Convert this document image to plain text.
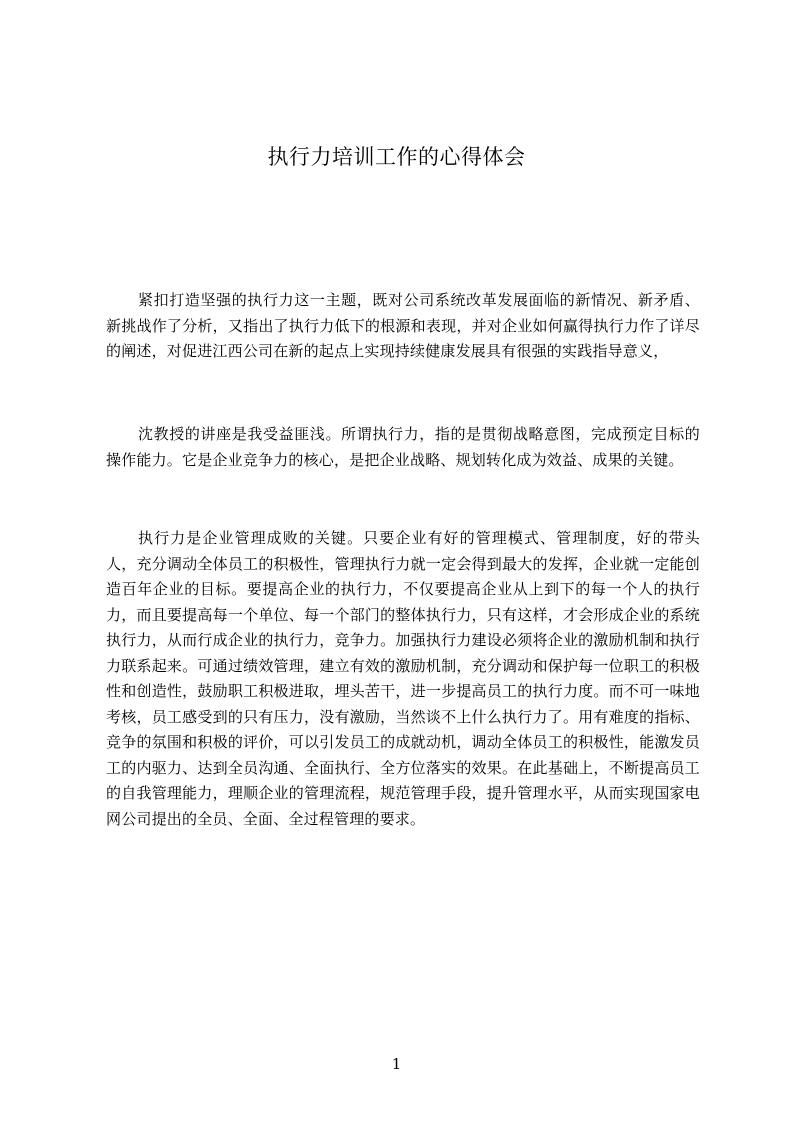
执行力培训工作的心得体会

紧扣打造坚强的执行力这一主题，既对公司系统改革发展面临的新情况、新矛盾、新挑战作了分析，又指出了执行力低下的根源和表现，并对企业如何赢得执行力作了详尽的阐述，对促进江西公司在新的起点上实现持续健康发展具有很强的实践指导意义，

沈教授的讲座是我受益匪浅。所谓执行力，指的是贯彻战略意图，完成预定目标的操作能力。它是企业竞争力的核心，是把企业战略、规划转化成为效益、成果的关键。

执行力是企业管理成败的关键。只要企业有好的管理模式、管理制度，好的带头人，充分调动全体员工的积极性，管理执行力就一定会得到最大的发挥，企业就一定能创造百年企业的目标。要提高企业的执行力，不仅要提高企业从上到下的每一个人的执行力，而且要提高每一个单位、每一个部门的整体执行力，只有这样，才会形成企业的系统执行力，从而行成企业的执行力，竞争力。加强执行力建设必须将企业的激励机制和执行力联系起来。可通过绩效管理，建立有效的激励机制，充分调动和保护每一位职工的积极性和创造性，鼓励职工积极进取，埋头苦干，进一步提高员工的执行力度。而不可一味地考核，员工感受到的只有压力，没有激励，当然谈不上什么执行力了。用有难度的指标、竞争的氛围和积极的评价，可以引发员工的成就动机，调动全体员工的积极性，能激发员工的内驱力、达到全员沟通、全面执行、全方位落实的效果。在此基础上，不断提高员工的自我管理能力，理顺企业的管理流程，规范管理手段，提升管理水平，从而实现国家电网公司提出的全员、全面、全过程管理的要求。

1
